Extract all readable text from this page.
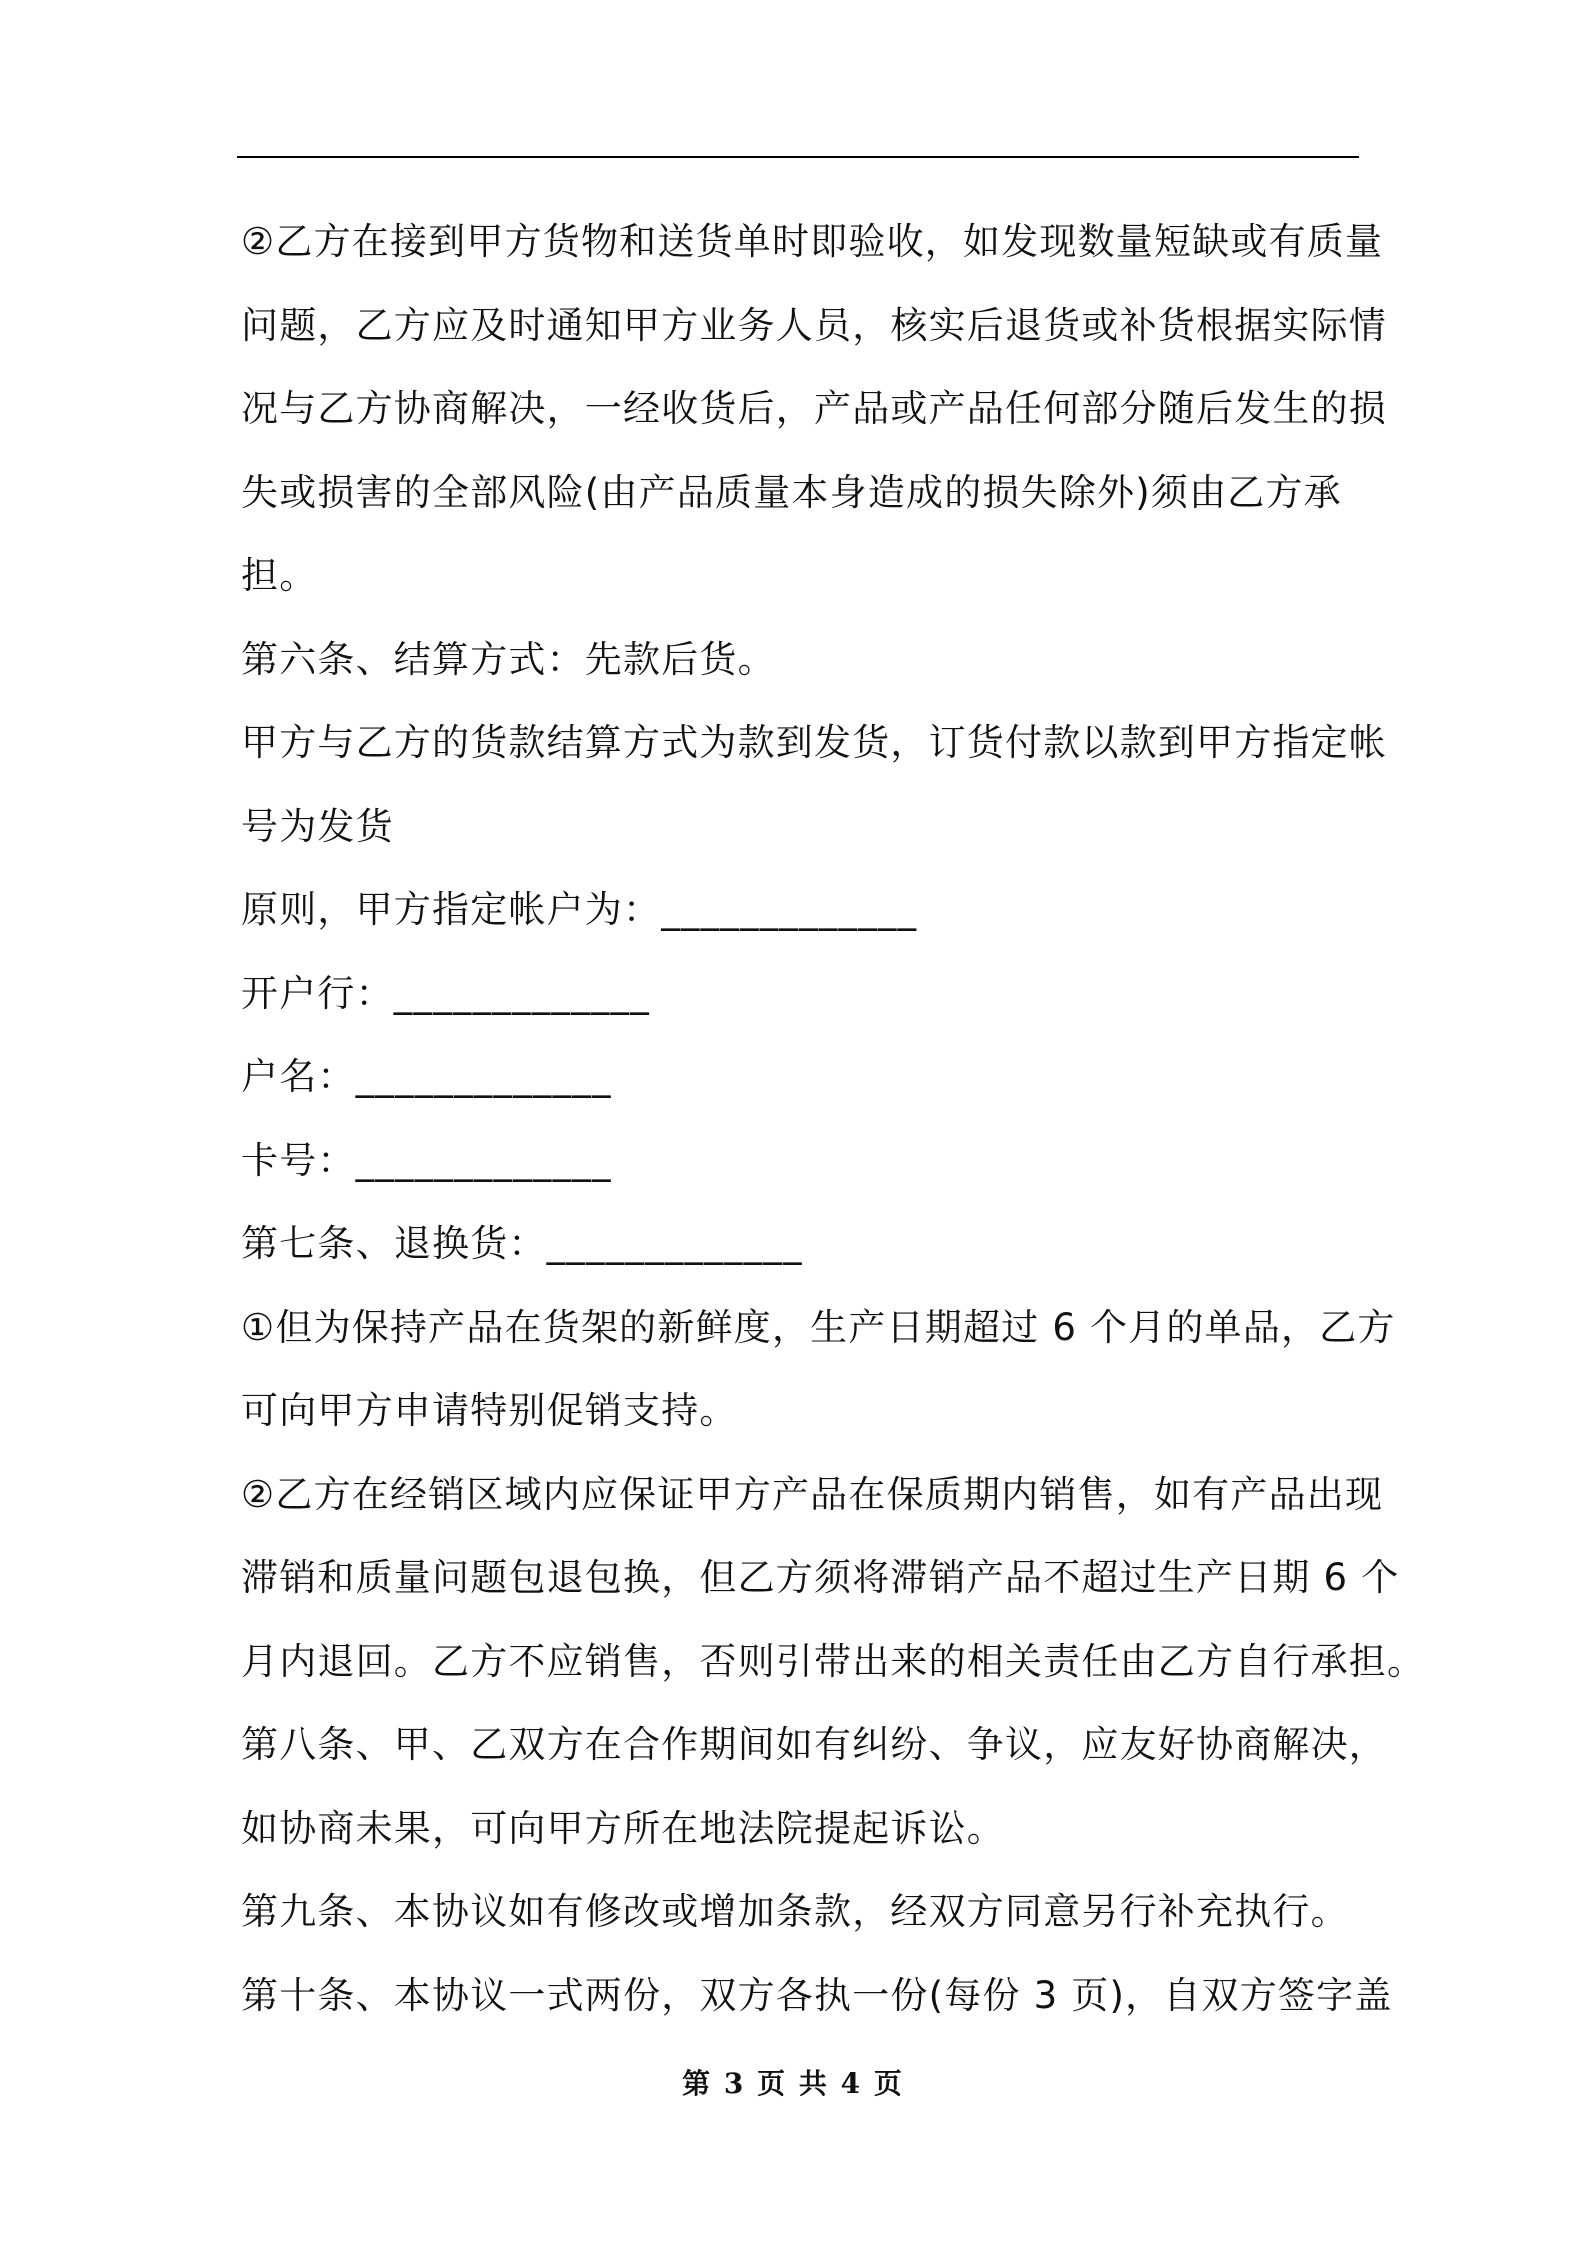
②乙方在接到甲方货物和送货单时即验收，如发现数量短缺或有质量
问题，乙方应及时通知甲方业务人员，核实后退货或补货根据实际情
况与乙方协商解决，一经收货后，产品或产品任何部分随后发生的损
失或损害的全部风险(由产品质量本身造成的损失除外)须由乙方承
担。
第六条、结算方式：先款后货。
甲方与乙方的货款结算方式为款到发货，订货付款以款到甲方指定帐
号为发货
原则，甲方指定帐户为：_____________
开户行：_____________
户名：_____________
卡号：_____________
第七条、退换货：_____________
①但为保持产品在货架的新鲜度，生产日期超过 6 个月的单品，乙方
可向甲方申请特别促销支持。
②乙方在经销区域内应保证甲方产品在保质期内销售，如有产品出现
滞销和质量问题包退包换，但乙方须将滞销产品不超过生产日期 6 个
月内退回。乙方不应销售，否则引带出来的相关责任由乙方自行承担。
第八条、甲、乙双方在合作期间如有纠纷、争议，应友好协商解决，
如协商未果，可向甲方所在地法院提起诉讼。
第九条、本协议如有修改或增加条款，经双方同意另行补充执行。
第十条、本协议一式两份，双方各执一份(每份 3 页)，自双方签字盖
第 3 页 共 4 页
